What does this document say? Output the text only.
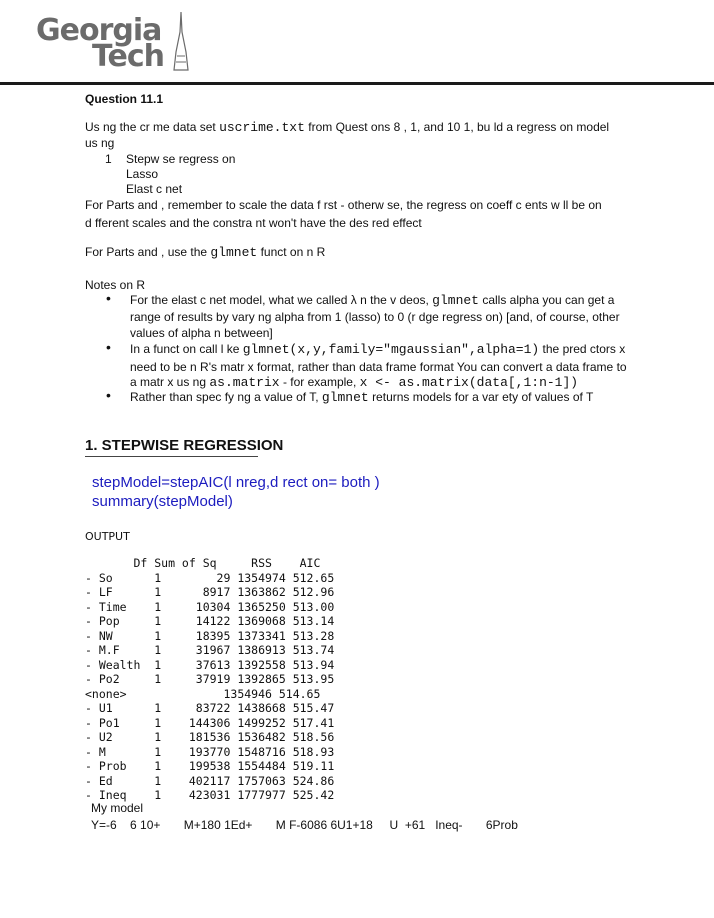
Georgia
Tech
Question 11.1
Us ng the cr me data set uscrime.txt from Quest ons 8 , 1, and 10 1, bu ld a regress on model
us ng
1 Stepw se regress on
Lasso
Elast c net
For Parts and , remember to scale the data f rst - otherw se, the regress on coeff c ents w ll be on
d fferent scales and the constra nt won't have the des red effect
For Parts and , use the glmnet funct on n R
Notes on R
• For the elast c net model, what we called λ n the v deos, glmnet calls alpha you can get a
range of results by vary ng alpha from 1 (lasso) to 0 (r dge regress on) [and, of course, other
values of alpha n between]
• In a funct on call l ke glmnet(x,y,family="mgaussian",alpha=1) the pred ctors x
need to be n R's matr x format, rather than data frame format You can convert a data frame to
a matr x us ng as.matrix - for example, x <- as.matrix(data[,1:n-1])
• Rather than spec fy ng a value of T, glmnet returns models for a var ety of values of T
1. STEPWISE REGRESSION
stepModel=stepAIC(l nreg,d rect on= both )
summary(stepModel)
OUTPUT
Df Sum of Sq     RSS    AIC
- So      1        29 1354974 512.65
- LF      1      8917 1363862 512.96
- Time    1     10304 1365250 513.00
- Pop     1     14122 1369068 513.14
- NW      1     18395 1373341 513.28
- M.F     1     31967 1386913 513.74
- Wealth  1     37613 1392558 513.94
- Po2     1     37919 1392865 513.95
<none>              1354946 514.65
- U1      1     83722 1438668 515.47
- Po1     1    144306 1499252 517.41
- U2      1    181536 1536482 518.56
- M       1    193770 1548716 518.93
- Prob    1    199538 1554484 519.11
- Ed      1    402117 1757063 524.86
- Ineq    1    423031 1777977 525.42
My model
Y=-6    6 10+       M+180 1Ed+       M F-6086 6U1+18     U  +61   Ineq-       6Prob
